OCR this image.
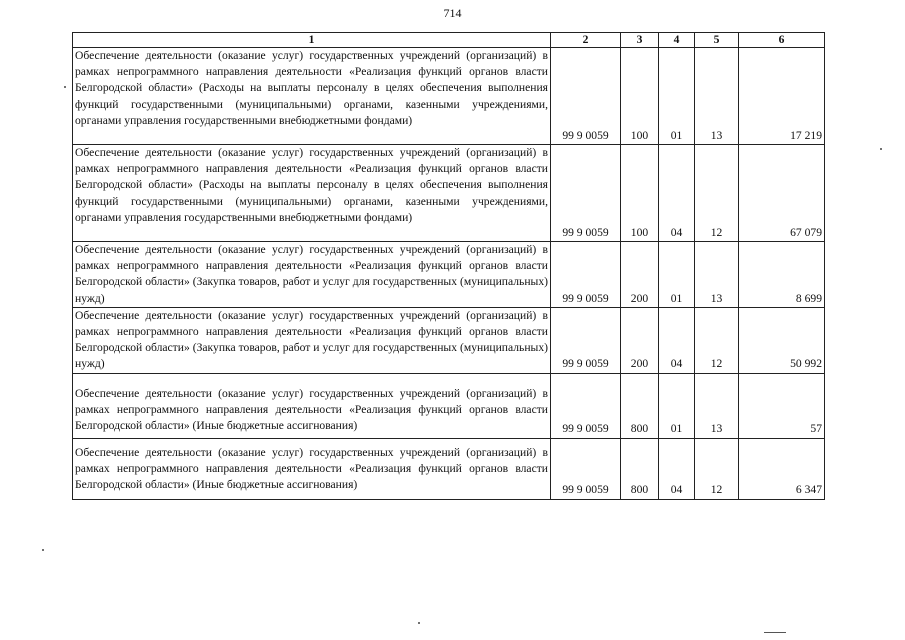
714
1	2	3	4	5	6
Обеспечение деятельности (оказание услуг) государственных учреждений (организаций) в рамках непрограммного направления деятельности «Реализация функций органов власти Белгородской области» (Расходы на выплаты персоналу в целях обеспечения выполнения функций государственными (муниципальными) органами, казенными учреждениями, органами управления государственными внебюджетными фондами)	99 9 0059	100	01	13	17 219
Обеспечение деятельности (оказание услуг) государственных учреждений (организаций) в рамках непрограммного направления деятельности «Реализация функций органов власти Белгородской области» (Расходы на выплаты персоналу в целях обеспечения выполнения функций государственными (муниципальными) органами, казенными учреждениями, органами управления государственными внебюджетными фондами)	99 9 0059	100	04	12	67 079
Обеспечение деятельности (оказание услуг) государственных учреждений (организаций) в рамках непрограммного направления деятельности «Реализация функций органов власти Белгородской области» (Закупка товаров, работ и услуг для государственных (муниципальных) нужд)	99 9 0059	200	01	13	8 699
Обеспечение деятельности (оказание услуг) государственных учреждений (организаций) в рамках непрограммного направления деятельности «Реализация функций органов власти Белгородской области» (Закупка товаров, работ и услуг для государственных (муниципальных) нужд)	99 9 0059	200	04	12	50 992
Обеспечение деятельности (оказание услуг) государственных учреждений (организаций) в рамках непрограммного направления деятельности «Реализация функций органов власти Белгородской области» (Иные бюджетные ассигнования)	99 9 0059	800	01	13	57
Обеспечение деятельности (оказание услуг) государственных учреждений (организаций) в рамках непрограммного направления деятельности «Реализация функций органов власти Белгородской области» (Иные бюджетные ассигнования)	99 9 0059	800	04	12	6 347
